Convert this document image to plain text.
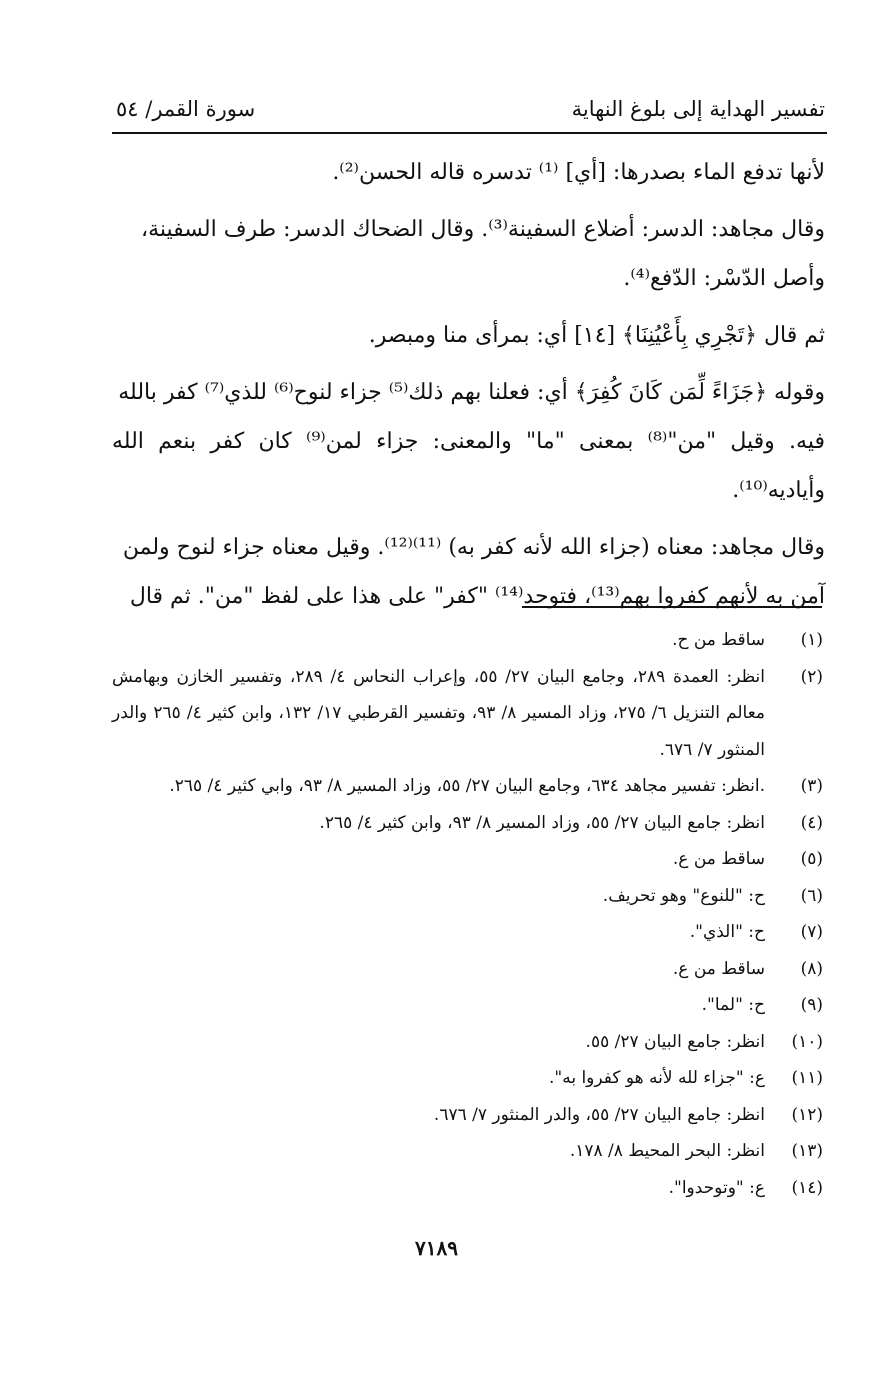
تفسير الهداية إلى بلوغ النهاية
سورة القمر/ ٥٤

لأنها تدفع الماء بصدرها: [أي] ⁽¹⁾ تدسره قاله الحسن⁽²⁾.

وقال مجاهد: الدسر: أضلاع السفينة⁽³⁾. وقال الضحاك الدسر: طرف السفينة،

وأصل الدّسْر: الدّفع⁽⁴⁾.

ثم قال ﴿تَجْرِي بِأَعْيُنِنَا﴾ [١٤] أي: بمرأى منا ومبصر.

وقوله ﴿جَزَاءً لِّمَن كَانَ كُفِرَ﴾ أي: فعلنا بهم ذلك⁽⁵⁾ جزاء لنوح⁽⁶⁾ للذي⁽⁷⁾ كفر بالله

فيه. وقيل "من"⁽⁸⁾ بمعنى "ما" والمعنى: جزاء لمن⁽⁹⁾ كان كفر بنعم الله وأياديه⁽¹⁰⁾.

وقال مجاهد: معناه (جزاء الله لأنه كفر به) ⁽¹¹⁾⁽¹²⁾. وقيل معناه جزاء لنوح ولمن

آمن به لأنهم كفروا بهم⁽¹³⁾، فتوحد⁽¹⁴⁾ "كفر" على هذا على لفظ "من". ثم قال

(١)
ساقط من ح.
(٢)
انظر: العمدة ٢٨٩، وجامع البيان ٢٧/ ٥٥، وإعراب النحاس ٤/ ٢٨٩، وتفسير الخازن وبهامش معالم التنزيل ٦/ ٢٧٥، وزاد المسير ٨/ ٩٣، وتفسير القرطبي ١٧/ ١٣٢، وابن كثير ٤/ ٢٦٥ والدر المنثور ٧/ ٦٧٦.
(٣)
.انظر: تفسير مجاهد ٦٣٤، وجامع البيان ٢٧/ ٥٥، وزاد المسير ٨/ ٩٣، وابي كثير ٤/ ٢٦٥.
(٤)
انظر: جامع البيان ٢٧/ ٥٥، وزاد المسير ٨/ ٩٣، وابن كثير ٤/ ٢٦٥.
(٥)
ساقط من ع.
(٦)
ح: "للنوع" وهو تحريف.
(٧)
ح: "الذي".
(٨)
ساقط من ع.
(٩)
ح: "لما".
(١٠)
انظر: جامع البيان ٢٧/ ٥٥.
(١١)
ع: "جزاء لله لأنه هو كفروا به".
(١٢)
انظر: جامع البيان ٢٧/ ٥٥، والدر المنثور ٧/ ٦٧٦.
(١٣)
انظر: البحر المحيط ٨/ ١٧٨.
(١٤)
ع: "وتوحدوا".
٧١٨٩
